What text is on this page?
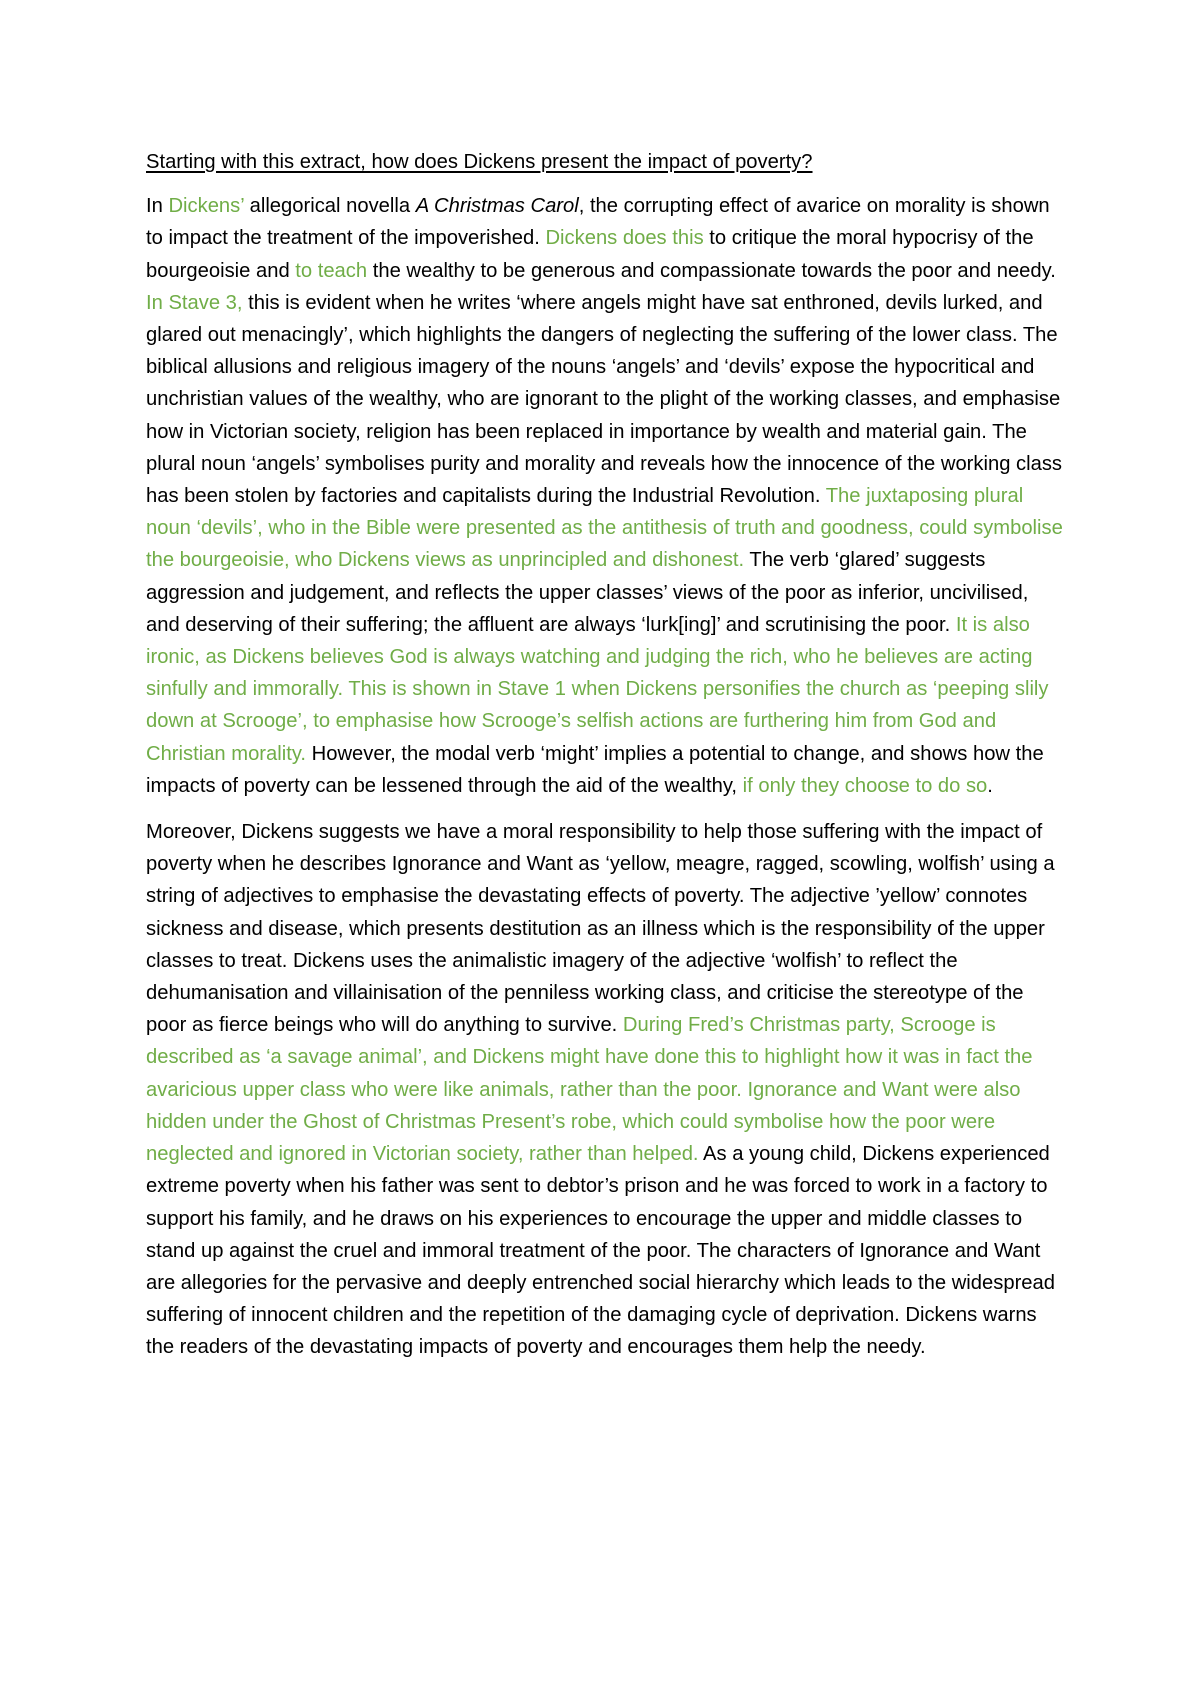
Starting with this extract, how does Dickens present the impact of poverty?

In Dickens’ allegorical novella A Christmas Carol, the corrupting effect of avarice on morality is shown to impact the treatment of the impoverished. Dickens does this to critique the moral hypocrisy of the bourgeoisie and to teach the wealthy to be generous and compassionate towards the poor and needy. In Stave 3, this is evident when he writes ‘where angels might have sat enthroned, devils lurked, and glared out menacingly’, which highlights the dangers of neglecting the suffering of the lower class. The biblical allusions and religious imagery of the nouns ‘angels’ and ‘devils’ expose the hypocritical and unchristian values of the wealthy, who are ignorant to the plight of the working classes, and emphasise how in Victorian society, religion has been replaced in importance by wealth and material gain. The plural noun ‘angels’ symbolises purity and morality and reveals how the innocence of the working class has been stolen by factories and capitalists during the Industrial Revolution. The juxtaposing plural noun ‘devils’, who in the Bible were presented as the antithesis of truth and goodness, could symbolise the bourgeoisie, who Dickens views as unprincipled and dishonest. The verb ‘glared’ suggests aggression and judgement, and reflects the upper classes’ views of the poor as inferior, uncivilised, and deserving of their suffering; the affluent are always ‘lurk[ing]’ and scrutinising the poor. It is also ironic, as Dickens believes God is always watching and judging the rich, who he believes are acting sinfully and immorally. This is shown in Stave 1 when Dickens personifies the church as ‘peeping slily down at Scrooge’, to emphasise how Scrooge’s selfish actions are furthering him from God and Christian morality. However, the modal verb ‘might’ implies a potential to change, and shows how the impacts of poverty can be lessened through the aid of the wealthy, if only they choose to do so.

Moreover, Dickens suggests we have a moral responsibility to help those suffering with the impact of poverty when he describes Ignorance and Want as ‘yellow, meagre, ragged, scowling, wolfish’ using a string of adjectives to emphasise the devastating effects of poverty. The adjective ’yellow’ connotes sickness and disease, which presents destitution as an illness which is the responsibility of the upper classes to treat. Dickens uses the animalistic imagery of the adjective ‘wolfish’ to reflect the dehumanisation and villainisation of the penniless working class, and criticise the stereotype of the poor as fierce beings who will do anything to survive. During Fred’s Christmas party, Scrooge is described as ‘a savage animal’, and Dickens might have done this to highlight how it was in fact the avaricious upper class who were like animals, rather than the poor. Ignorance and Want were also hidden under the Ghost of Christmas Present’s robe, which could symbolise how the poor were neglected and ignored in Victorian society, rather than helped. As a young child, Dickens experienced extreme poverty when his father was sent to debtor’s prison and he was forced to work in a factory to support his family, and he draws on his experiences to encourage the upper and middle classes to stand up against the cruel and immoral treatment of the poor. The characters of Ignorance and Want are allegories for the pervasive and deeply entrenched social hierarchy which leads to the widespread suffering of innocent children and the repetition of the damaging cycle of deprivation. Dickens warns the readers of the devastating impacts of poverty and encourages them help the needy.
